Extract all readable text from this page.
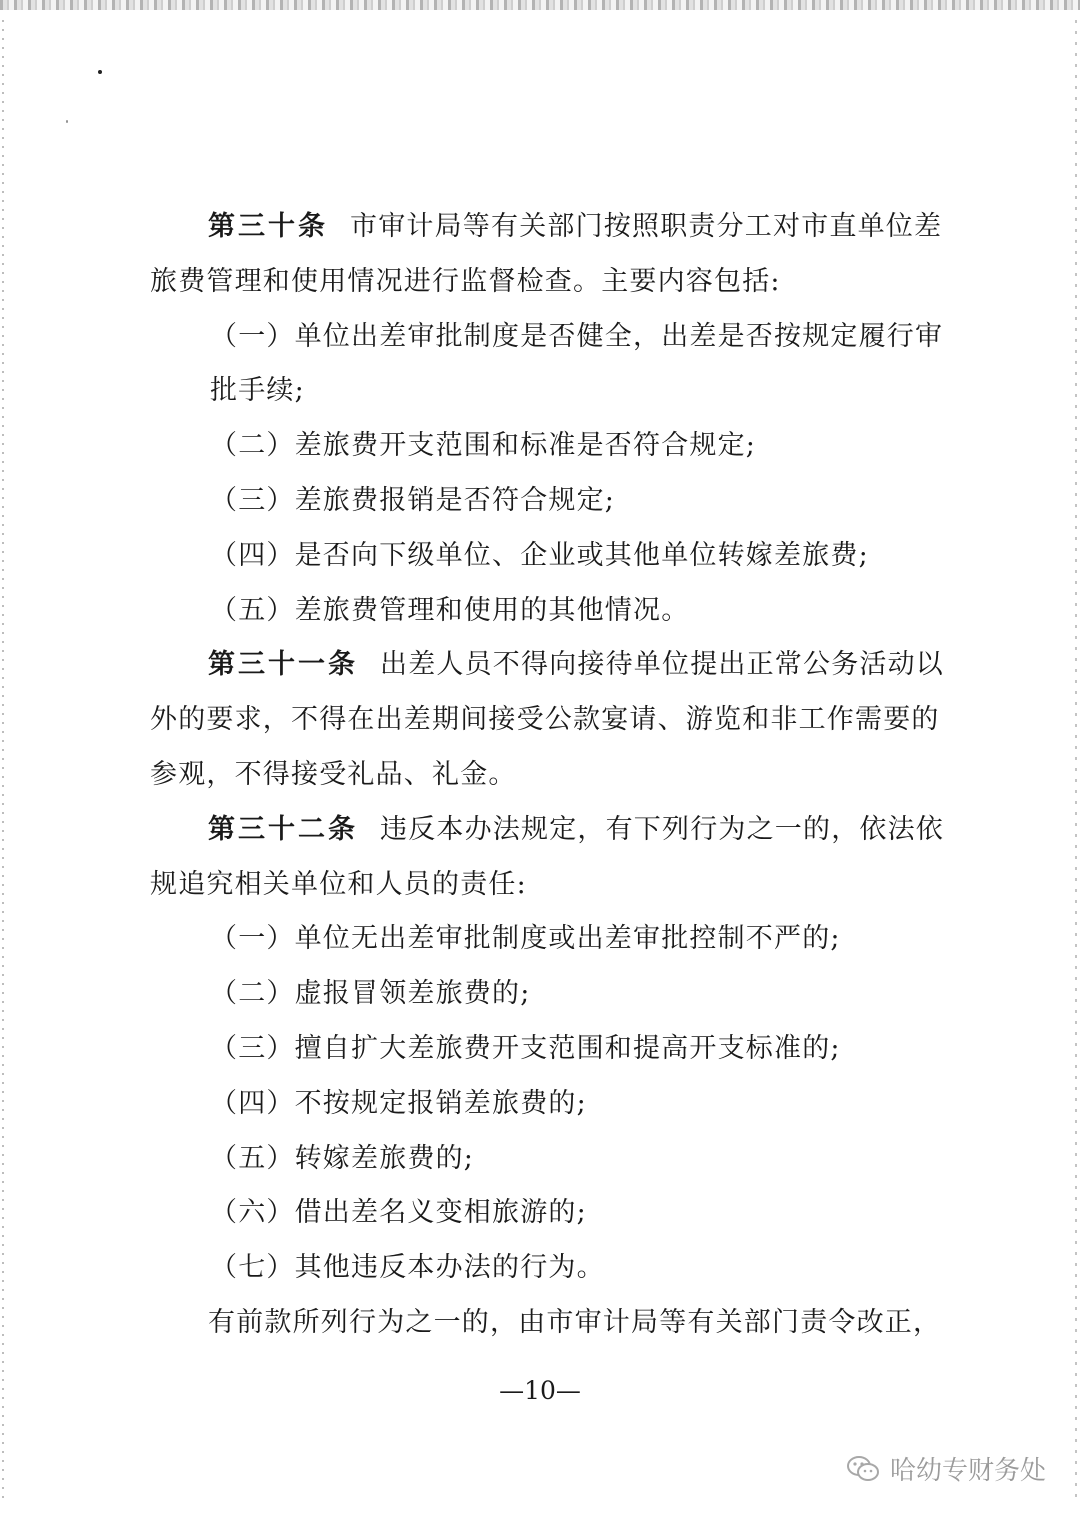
第三十条 市审计局等有关部门按照职责分工对市直单位差旅费管理和使用情况进行监督检查。主要内容包括:

（一）单位出差审批制度是否健全，出差是否按规定履行审批手续;

（二）差旅费开支范围和标准是否符合规定;

（三）差旅费报销是否符合规定;

（四）是否向下级单位、企业或其他单位转嫁差旅费;

（五）差旅费管理和使用的其他情况。

第三十一条 出差人员不得向接待单位提出正常公务活动以外的要求，不得在出差期间接受公款宴请、游览和非工作需要的参观，不得接受礼品、礼金。

第三十二条 违反本办法规定，有下列行为之一的，依法依规追究相关单位和人员的责任:

（一）单位无出差审批制度或出差审批控制不严的;

（二）虚报冒领差旅费的;

（三）擅自扩大差旅费开支范围和提高开支标准的;

（四）不按规定报销差旅费的;

（五）转嫁差旅费的;

（六）借出差名义变相旅游的;

（七）其他违反本办法的行为。

有前款所列行为之一的，由市审计局等有关部门责令改正，

—10—
哈幼专财务处
